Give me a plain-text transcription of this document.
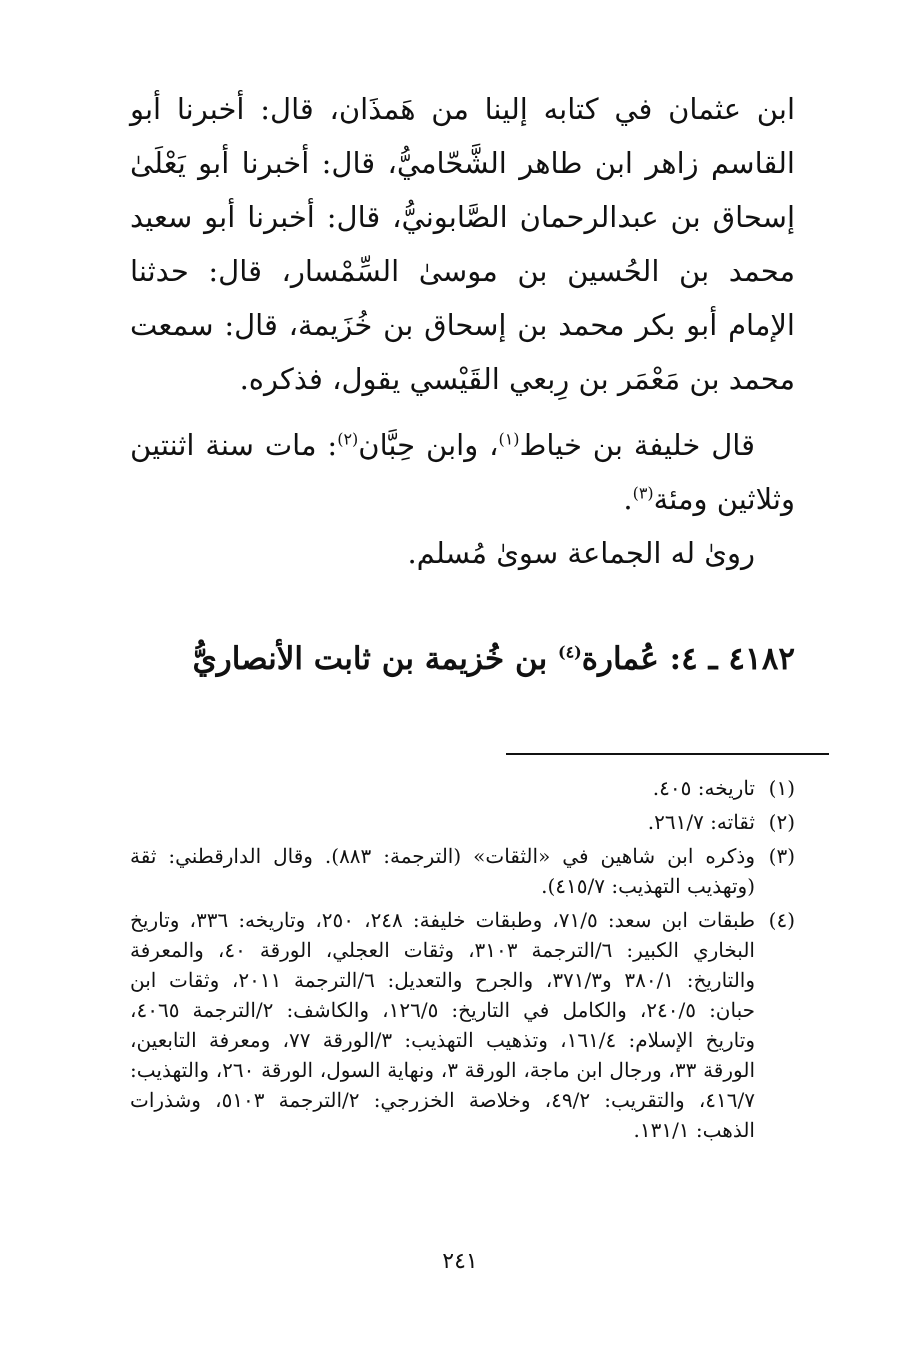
ابن عثمان في كتابه إلينا من هَمذَان، قال: أخبرنا أبو القاسم زاهر ابن طاهر الشَّحّاميُّ، قال: أخبرنا أبو يَعْلَىٰ إسحاق بن عبدالرحمان الصَّابونيُّ، قال: أخبرنا أبو سعيد محمد بن الحُسين بن موسىٰ السِّمْسار، قال: حدثنا الإمام أبو بكر محمد بن إسحاق بن خُزَيمة، قال: سمعت محمد بن مَعْمَر بن رِبعي القَيْسي يقول، فذكره.

قال خليفة بن خياط$^{(١)}$، وابن حِبَّان$^{(٢)}$: مات سنة اثنتين وثلاثين ومئة$^{(٣)}$.

روىٰ له الجماعة سوىٰ مُسلم.

٤١٨٢ ـ ٤: عُمارة$^{(٤)}$ بن خُزيمة بن ثابت الأنصاريُّ
(١)
تاريخه: ٤٠٥.
(٢)
ثقاته: ٢٦١/٧.
(٣)
وذكره ابن شاهين في «الثقات» (الترجمة: ٨٨٣). وقال الدارقطني: ثقة (وتهذيب التهذيب: ٤١٥/٧).
(٤)
طبقات ابن سعد: ٧١/٥، وطبقات خليفة: ٢٤٨، ٢٥٠، وتاريخه: ٣٣٦، وتاريخ البخاري الكبير: ٦/الترجمة ٣١٠٣، وثقات العجلي، الورقة ٤٠، والمعرفة والتاريخ: ٣٨٠/١ و٣٧١/٣، والجرح والتعديل: ٦/الترجمة ٢٠١١، وثقات ابن حبان: ٢٤٠/٥، والكامل في التاريخ: ١٢٦/٥، والكاشف: ٢/الترجمة ٤٠٦٥، وتاريخ الإسلام: ١٦١/٤، وتذهيب التهذيب: ٣/الورقة ٧٧، ومعرفة التابعين، الورقة ٣٣، ورجال ابن ماجة، الورقة ٣، ونهاية السول، الورقة ٢٦٠، والتهذيب: ٤١٦/٧، والتقريب: ٤٩/٢، وخلاصة الخزرجي: ٢/الترجمة ٥١٠٣، وشذرات الذهب: ١٣١/١.
٢٤١
